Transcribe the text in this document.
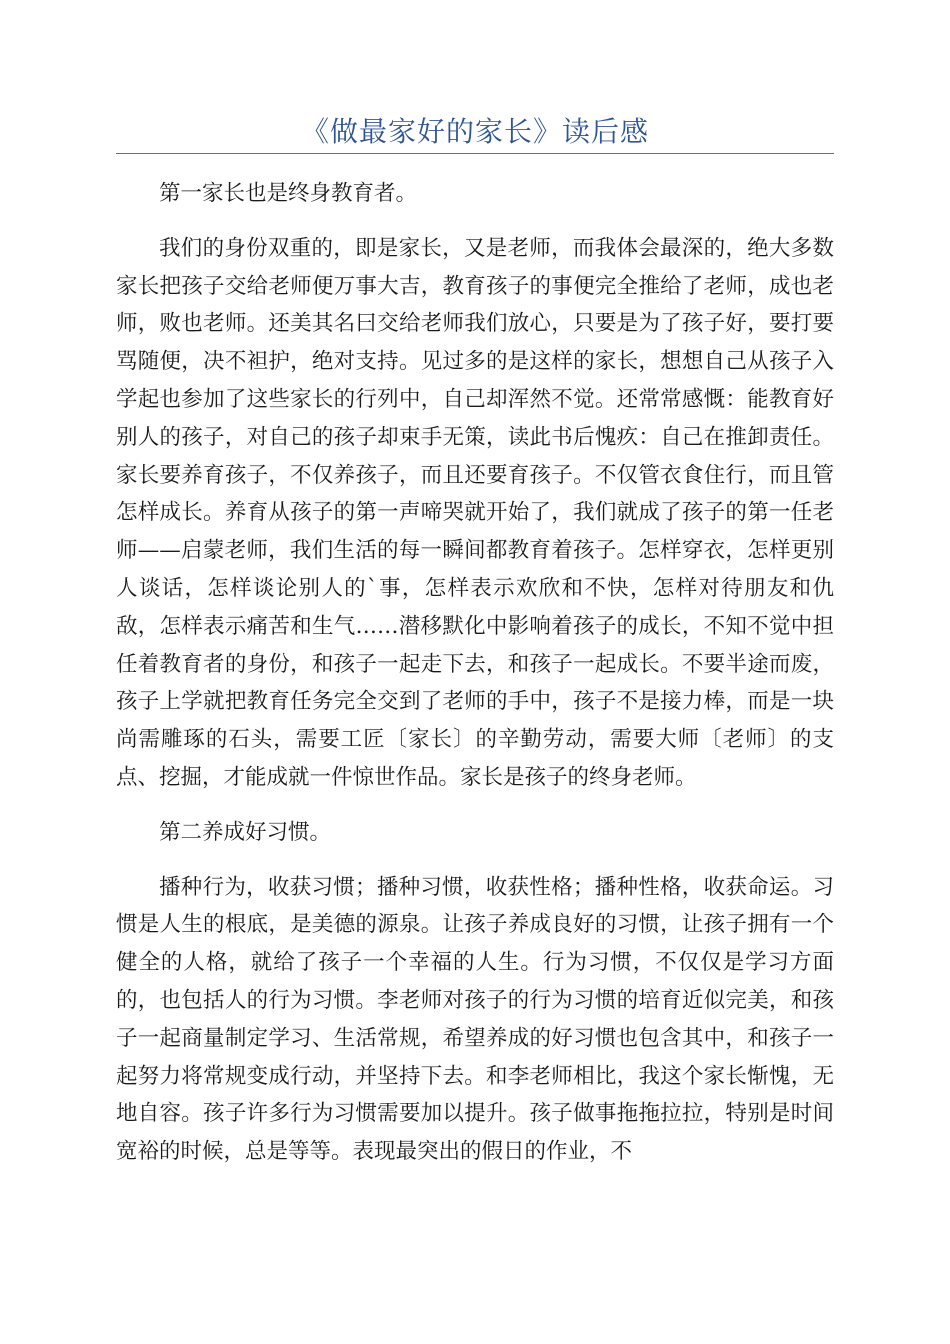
《做最家好的家长》读后感

第一家长也是终身教育者。

我们的身份双重的，即是家长，又是老师，而我体会最深的，绝大多数家长把孩子交给老师便万事大吉，教育孩子的事便完全推给了老师，成也老师，败也老师。还美其名曰交给老师我们放心，只要是为了孩子好，要打要骂随便，决不袒护，绝对支持。见过多的是这样的家长，想想自己从孩子入学起也参加了这些家长的行列中，自己却浑然不觉。还常常感慨：能教育好别人的孩子，对自己的孩子却束手无策，读此书后愧疚：自己在推卸责任。家长要养育孩子，不仅养孩子，而且还要育孩子。不仅管衣食住行，而且管怎样成长。养育从孩子的第一声啼哭就开始了，我们就成了孩子的第一任老师——启蒙老师，我们生活的每一瞬间都教育着孩子。怎样穿衣，怎样更别人谈话，怎样谈论别人的`事，怎样表示欢欣和不快，怎样对待朋友和仇敌，怎样表示痛苦和生气……潜移默化中影响着孩子的成长，不知不觉中担任着教育者的身份，和孩子一起走下去，和孩子一起成长。不要半途而废，孩子上学就把教育任务完全交到了老师的手中，孩子不是接力棒，而是一块尚需雕琢的石头，需要工匠〔家长〕的辛勤劳动，需要大师〔老师〕的支点、挖掘，才能成就一件惊世作品。家长是孩子的终身老师。

第二养成好习惯。

播种行为，收获习惯；播种习惯，收获性格；播种性格，收获命运。习惯是人生的根底，是美德的源泉。让孩子养成良好的习惯，让孩子拥有一个健全的人格，就给了孩子一个幸福的人生。行为习惯，不仅仅是学习方面的，也包括人的行为习惯。李老师对孩子的行为习惯的培育近似完美，和孩子一起商量制定学习、生活常规，希望养成的好习惯也包含其中，和孩子一起努力将常规变成行动，并坚持下去。和李老师相比，我这个家长惭愧，无地自容。孩子许多行为习惯需要加以提升。孩子做事拖拖拉拉，特别是时间宽裕的时候，总是等等。表现最突出的假日的作业，不
